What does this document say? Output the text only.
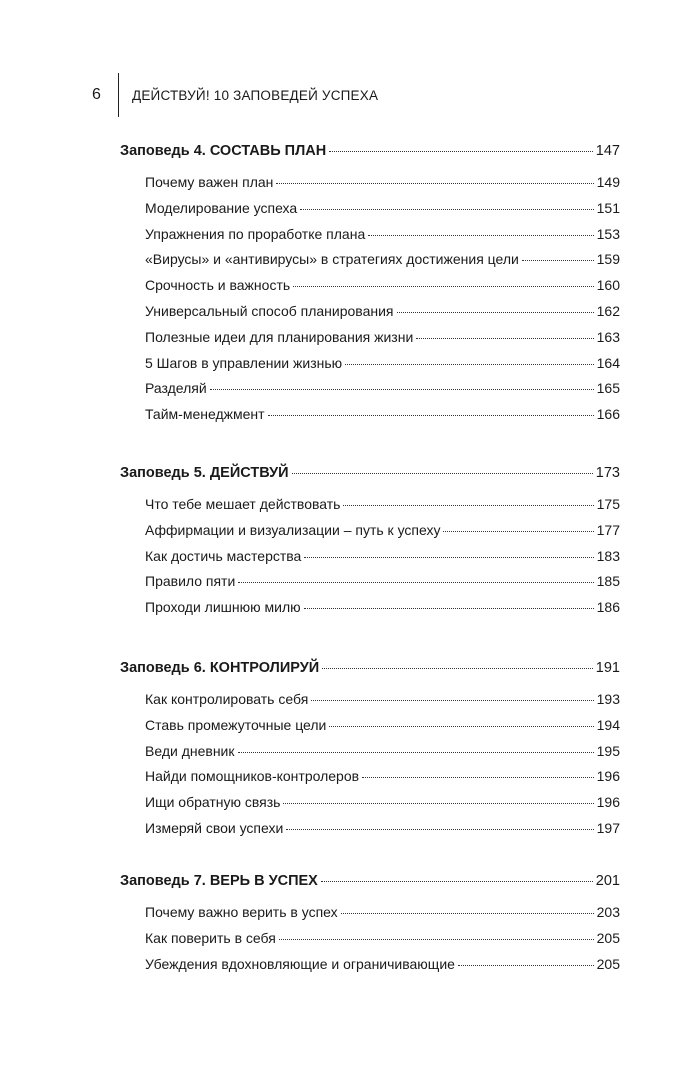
6 ДЕЙСТВУЙ! 10 ЗАПОВЕДЕЙ УСПЕХА
Заповедь 4. СОСТАВЬ ПЛАН	147
Почему важен план	149
Моделирование успеха	151
Упражнения по проработке плана	153
«Вирусы» и «антивирусы» в стратегиях достижения цели	159
Срочность и важность	160
Универсальный способ планирования	162
Полезные идеи для планирования жизни	163
5 Шагов в управлении жизнью	164
Разделяй	165
Тайм-менеджмент	166
Заповедь 5. ДЕЙСТВУЙ	173
Что тебе мешает действовать	175
Аффирмации и визуализации – путь к успеху	177
Как достичь мастерства	183
Правило пяти	185
Проходи лишнюю милю	186
Заповедь 6. КОНТРОЛИРУЙ	191
Как контролировать себя	193
Ставь промежуточные цели	194
Веди дневник	195
Найди помощников-контролеров	196
Ищи обратную связь	196
Измеряй свои успехи	197
Заповедь 7. ВЕРЬ В УСПЕХ	201
Почему важно верить в успех	203
Как поверить в себя	205
Убеждения вдохновляющие и ограничивающие	205
